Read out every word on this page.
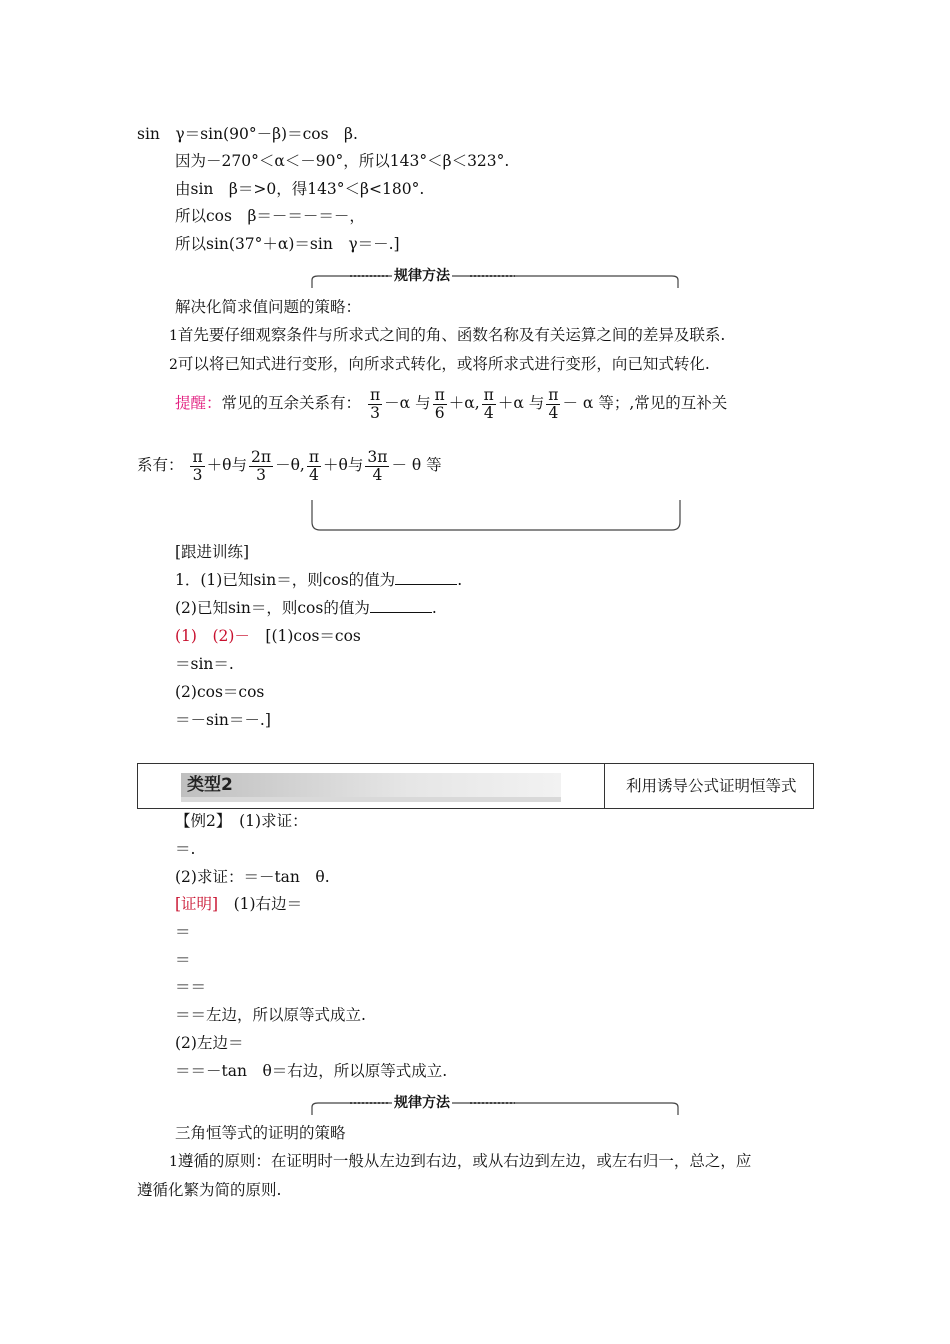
sin　γ＝sin(90°－β)＝cos　β.
因为－270°＜α＜－90°，所以143°＜β＜323°.
由sin　β＝>0，得143°＜β<180°.
所以cos　β＝－＝－＝－，
所以sin(37°＋α)＝sin　γ＝－.]
规律方法
解决化简求值问题的策略：
1首先要仔细观察条件与所求式之间的角、函数名称及有关运算之间的差异及联系.
2可以将已知式进行变形，向所求式转化，或将所求式进行变形，向已知式转化.
提醒：常见的互余关系有： $\frac{\pi}{3} -\alpha$ 与 $\frac{\pi}{6} +\alpha$, $\frac{\pi}{4} +\alpha$ 与 $\frac{\pi}{4} - \alpha$ 等；,常见的互补关
系有： $\frac{\pi}{3} +\theta$与 $\frac{2\pi}{3} -\theta$, $\frac{\pi}{4} +\theta$与 $\frac{3\pi}{4} - \theta$ 等
[跟进训练]
1．(1)已知sin＝，则cos的值为	.
(2)已知sin＝，则cos的值为	.
(1)　(2)－　[(1)cos＝cos
＝sin＝.
(2)cos＝cos
＝－sin＝－.]
类型2	利用诱导公式证明恒等式
【例2】　(1)求证：
＝.
(2)求证：＝－tan　θ.
[证明]　(1)右边＝
＝
＝
＝＝
＝＝左边，所以原等式成立.
(2)左边＝
＝＝－tan　θ＝右边，所以原等式成立.
规律方法
三角恒等式的证明的策略
1遵循的原则：在证明时一般从左边到右边，或从右边到左边，或左右归一，总之，应
遵循化繁为简的原则.
